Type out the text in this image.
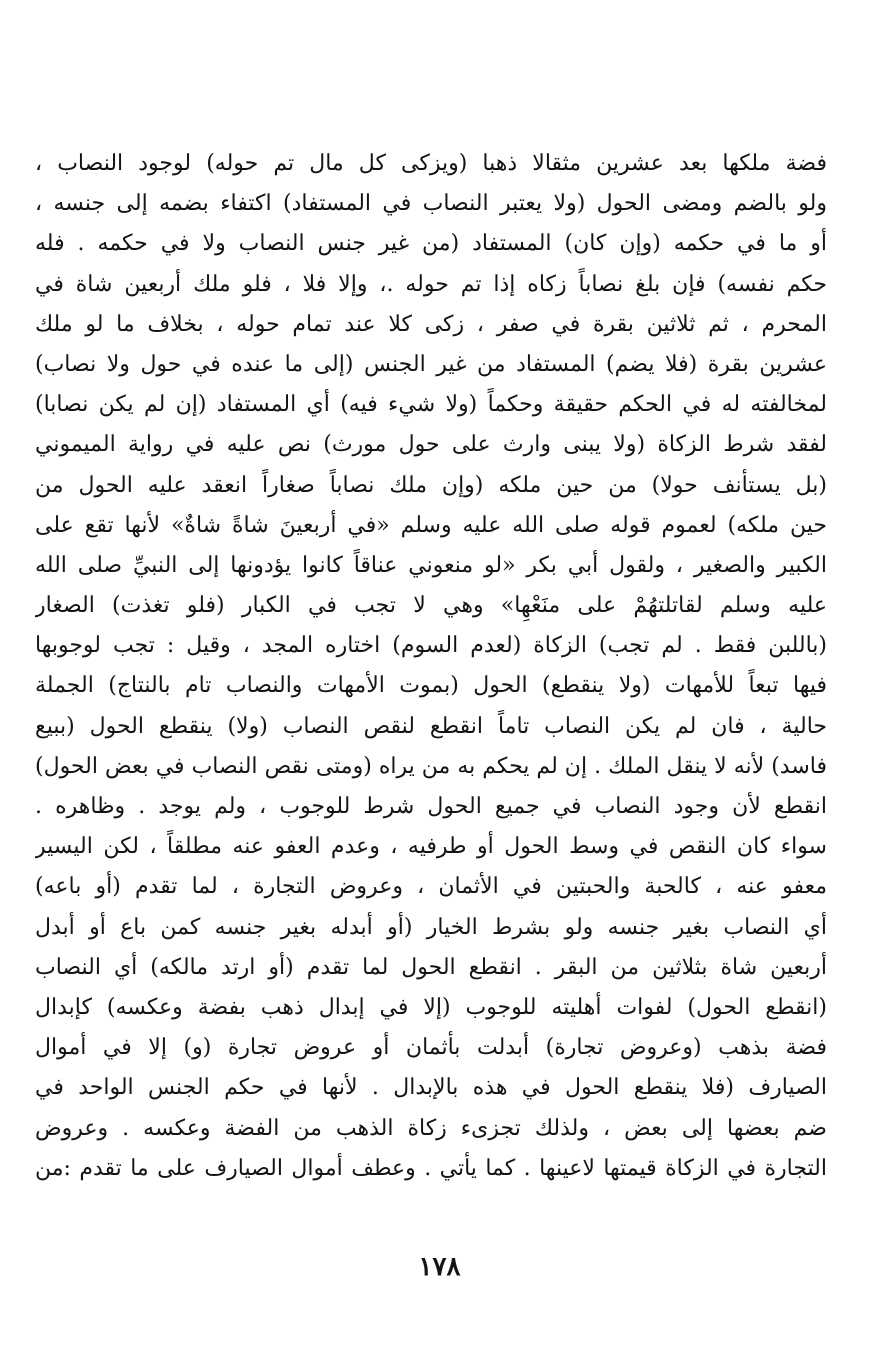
فضة ملكها بعد عشرين مثقالا ذهبا (ويزكى كل مال تم حوله) لوجود النصاب ،
ولو بالضم ومضى الحول (ولا يعتبر النصاب في المستفاد) اكتفاء بضمه إلى جنسه ،
أو ما في حكمه (وإن كان) المستفاد (من غير جنس النصاب ولا في حكمه . فله
حكم نفسه) فإن بلغ نصاباً زكاه إذا تم حوله .، وإلا فلا ، فلو ملك أربعين شاة في
المحرم ، ثم ثلاثين بقرة في صفر ، زكى كلا عند تمام حوله ، بخلاف ما لو ملك
عشرين بقرة (فلا يضم) المستفاد من غير الجنس (إلى ما عنده في حول ولا نصاب)
لمخالفته له في الحكم حقيقة وحكماً (ولا شيء فيه) أي المستفاد (إن لم يكن نصابا)
لفقد شرط الزكاة (ولا يبنى وارث على حول مورث) نص عليه في رواية الميموني
(بل يستأنف حولا) من حين ملكه (وإن ملك نصاباً صغاراً انعقد عليه الحول من
حين ملكه) لعموم قوله صلى الله عليه وسلم «في أربعينَ شاةً شاةٌ» لأنها تقع على
الكبير والصغير ، ولقول أبي بكر «لو منعوني عناقاً كانوا يؤدونها إلى النبيِّ صلى الله
عليه وسلم لقاتلتهُمْ على منَعْهِا» وهي لا تجب في الكبار (فلو تغذت) الصغار
(باللبن فقط . لم تجب) الزكاة (لعدم السوم) اختاره المجد ، وقيل : تجب لوجوبها
فيها تبعاً للأمهات (ولا ينقطع) الحول (بموت الأمهات والنصاب تام بالنتاج) الجملة
حالية ، فان لم يكن النصاب تاماً انقطع لنقص النصاب (ولا) ينقطع الحول (ببيع
فاسد) لأنه لا ينقل الملك . إن لم يحكم به من يراه (ومتى نقص النصاب في بعض الحول)
انقطع لأن وجود النصاب في جميع الحول شرط للوجوب ، ولم يوجد . وظاهره .
سواء كان النقص في وسط الحول أو طرفيه ، وعدم العفو عنه مطلقاً ، لكن اليسير
معفو عنه ، كالحبة والحبتين في الأثمان ، وعروض التجارة ، لما تقدم (أو باعه)
أي النصاب بغير جنسه ولو بشرط الخيار (أو أبدله بغير جنسه كمن باع أو أبدل
أربعين شاة بثلاثين من البقر . انقطع الحول لما تقدم (أو ارتد مالكه) أي النصاب
(انقطع الحول) لفوات أهليته للوجوب (إلا في إبدال ذهب بفضة وعكسه) كإبدال
فضة بذهب (وعروض تجارة) أبدلت بأثمان أو عروض تجارة (و) إلا في أموال
الصيارف (فلا ينقطع الحول في هذه بالإبدال . لأنها في حكم الجنس الواحد في
ضم بعضها إلى بعض ، ولذلك تجزىء زكاة الذهب من الفضة وعكسه . وعروض
التجارة في الزكاة قيمتها لاعينها . كما يأتي . وعطف أموال الصيارف على ما تقدم :من
١٧٨
